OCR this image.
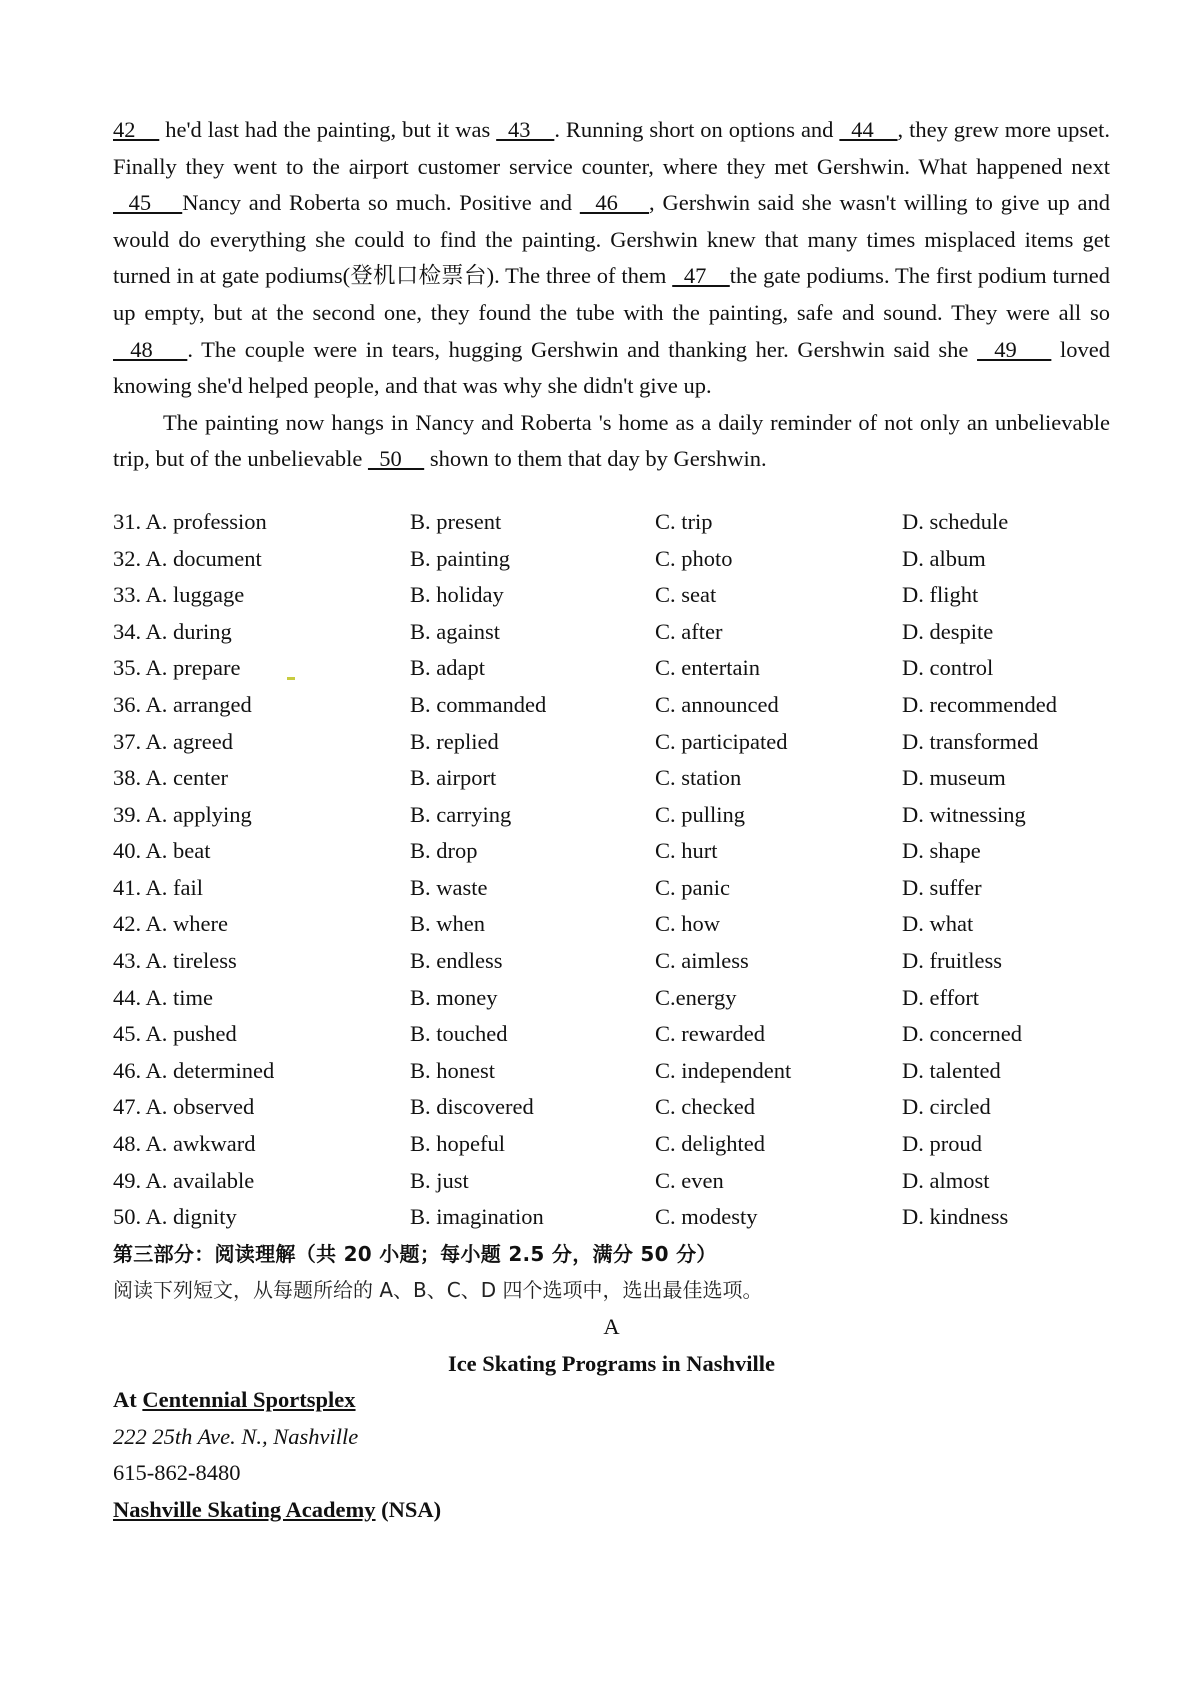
42     he'd last had the painting, but it was   43    . Running short on options and   44    , they grew more upset. Finally they went to the airport customer service counter, where they met Gershwin. What happened next   45    Nancy and Roberta so much. Positive and   46    , Gershwin said she wasn't willing to give up and would do everything she could to find the painting. Gershwin knew that many times misplaced items get turned in at gate podiums(登机口检票台). The three of them   47    the gate podiums. The first podium turned up empty, but at the second one, they found the tube with the painting, safe and sound. They were all so   48    . The couple were in tears, hugging Gershwin and thanking her. Gershwin said she   49     loved knowing she'd helped people, and that was why she didn't give up.

The painting now hangs in Nancy and Roberta 's home as a daily reminder of not only an unbelievable trip, but of the unbelievable   50     shown to them that day by Gershwin.

31. A. profession	B. present	C. trip	D. schedule
32. A. document	B. painting	C. photo	D. album
33. A. luggage	B. holiday	C. seat	D. flight
34. A. during	B. against	C. after	D. despite
35. A. prepare	B. adapt	C. entertain	D. control
36. A. arranged	B. commanded	C. announced	D. recommended
37. A. agreed	B. replied	C. participated	D. transformed
38. A. center	B. airport	C. station	D. museum
39. A. applying	B. carrying	C. pulling	D. witnessing
40. A. beat	B. drop	C. hurt	D. shape
41. A. fail	B. waste	C. panic	D. suffer
42. A. where	B. when	C. how	D. what
43. A. tireless	B. endless	C. aimless	D. fruitless
44. A. time	B. money	C.energy	D. effort
45. A. pushed	B. touched	C. rewarded	D. concerned
46. A. determined	B. honest	C. independent	D. talented
47. A. observed	B. discovered	C. checked	D. circled
48. A. awkward	B. hopeful	C. delighted	D. proud
49. A. available	B. just	C. even	D. almost
50. A. dignity	B. imagination	C. modesty	D. kindness

第三部分：阅读理解（共 20 小题；每小题 2.5 分，满分 50 分）

阅读下列短文，从每题所给的 A、B、C、D 四个选项中，选出最佳选项。

A

Ice Skating Programs in Nashville

At Centennial Sportsplex

222 25th Ave. N., Nashville

615-862-8480

Nashville Skating Academy (NSA)
